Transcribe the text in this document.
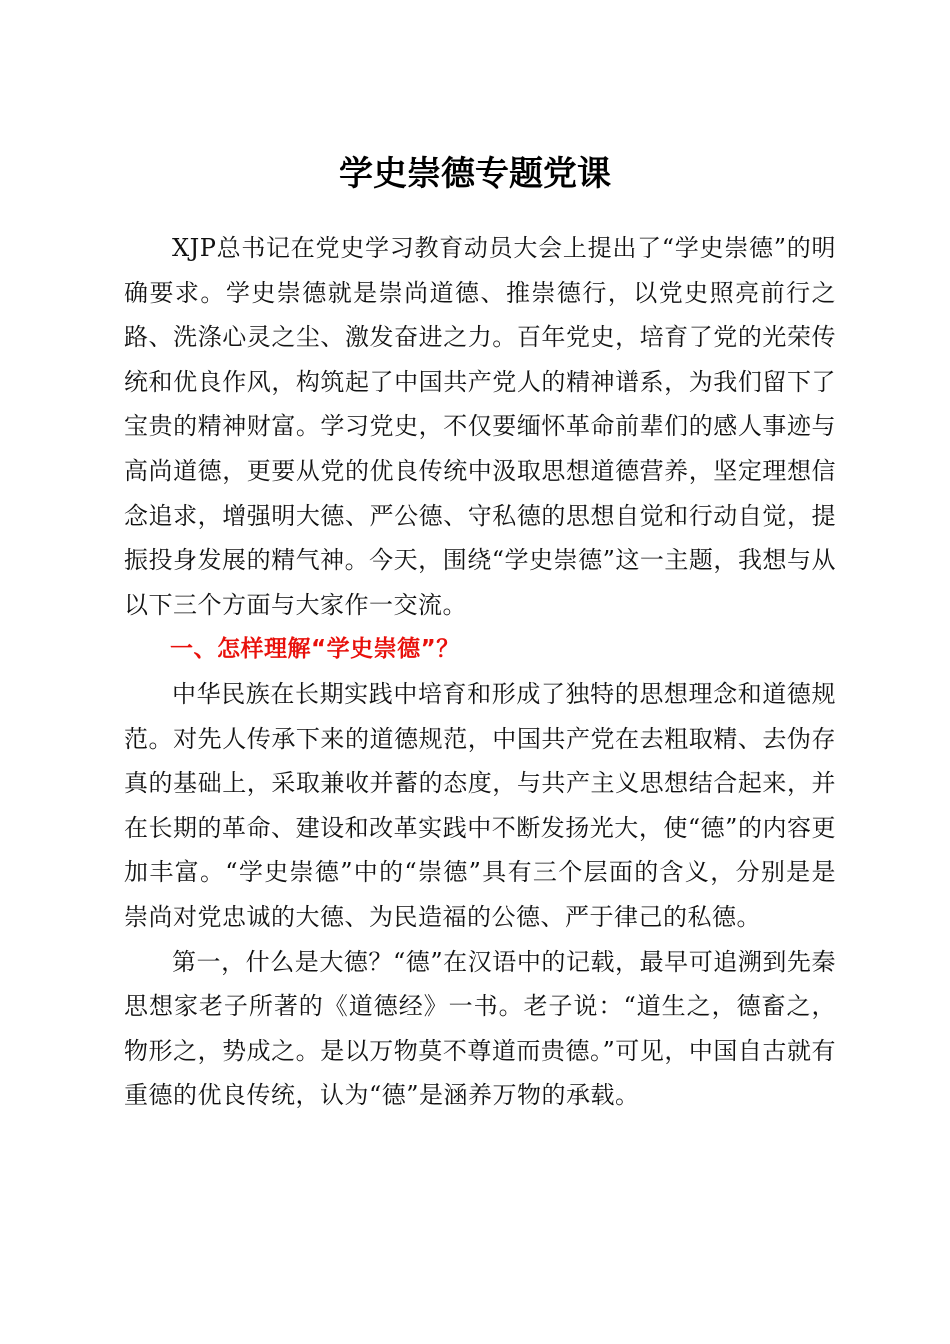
学史崇德专题党课

XJP总书记在党史学习教育动员大会上提出了“学史崇德”的明确要求。学史崇德就是崇尚道德、推崇德行，以党史照亮前行之路、洗涤心灵之尘、激发奋进之力。百年党史，培育了党的光荣传统和优良作风，构筑起了中国共产党人的精神谱系，为我们留下了宝贵的精神财富。学习党史，不仅要缅怀革命前辈们的感人事迹与高尚道德，更要从党的优良传统中汲取思想道德营养，坚定理想信念追求，增强明大德、严公德、守私德的思想自觉和行动自觉，提振投身发展的精气神。今天，围绕“学史崇德”这一主题，我想与从以下三个方面与大家作一交流。

一、怎样理解“学史崇德”？

中华民族在长期实践中培育和形成了独特的思想理念和道德规范。对先人传承下来的道德规范，中国共产党在去粗取精、去伪存真的基础上，采取兼收并蓄的态度，与共产主义思想结合起来，并在长期的革命、建设和改革实践中不断发扬光大，使“德”的内容更加丰富。“学史崇德”中的“崇德”具有三个层面的含义，分别是是崇尚对党忠诚的大德、为民造福的公德、严于律己的私德。

第一，什么是大德？“德”在汉语中的记载，最早可追溯到先秦思想家老子所著的《道德经》一书。老子说：“道生之，德畜之，物形之，势成之。是以万物莫不尊道而贵德。”可见，中国自古就有重德的优良传统，认为“德”是涵养万物的承载。
